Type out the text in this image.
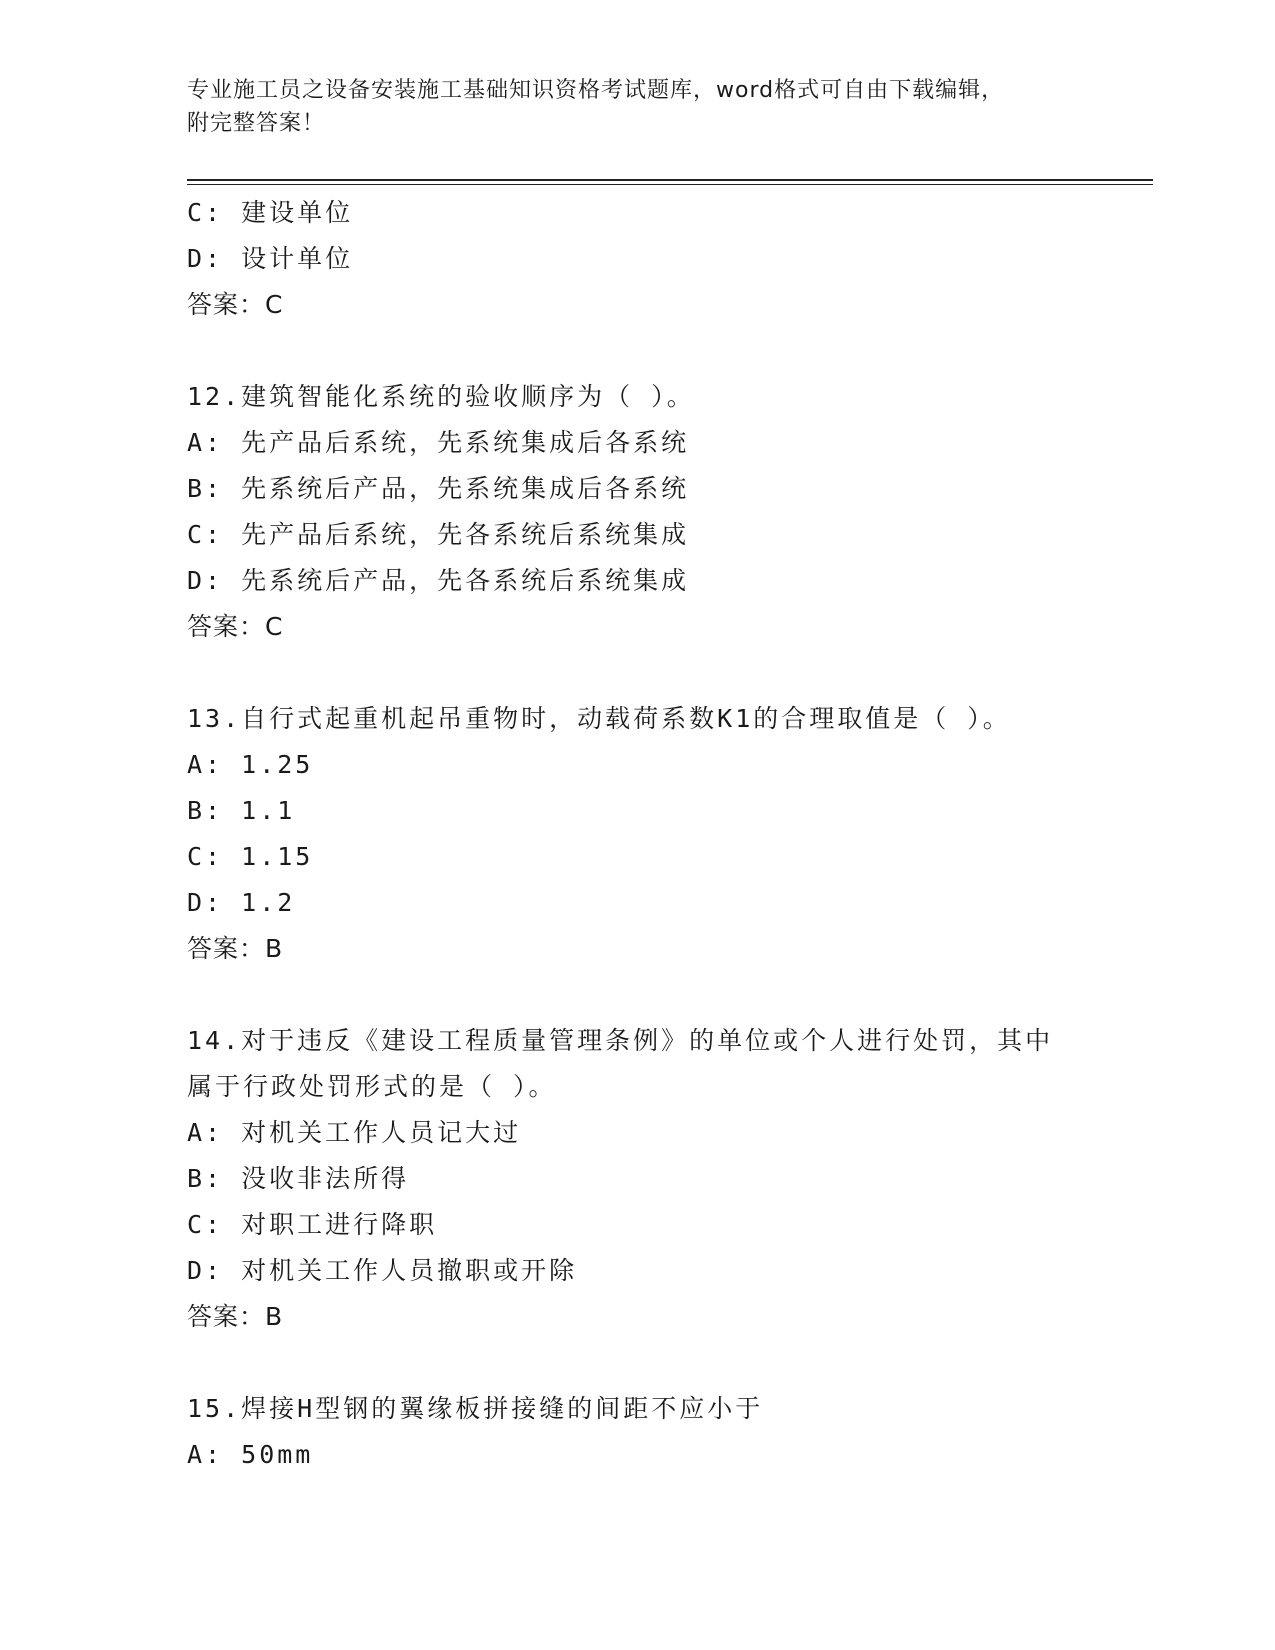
专业施工员之设备安装施工基础知识资格考试题库，word格式可自由下载编辑，
附完整答案！
C: 建设单位
D: 设计单位
答案：C
12.建筑智能化系统的验收顺序为（ ）。
A: 先产品后系统，先系统集成后各系统
B: 先系统后产品，先系统集成后各系统
C: 先产品后系统，先各系统后系统集成
D: 先系统后产品，先各系统后系统集成
答案：C
13.自行式起重机起吊重物时，动载荷系数K1的合理取值是（ ）。
A: 1.25
B: 1.1
C: 1.15
D: 1.2
答案：B
14.对于违反《建设工程质量管理条例》的单位或个人进行处罚，其中
属于行政处罚形式的是（ ）。
A: 对机关工作人员记大过
B: 没收非法所得
C: 对职工进行降职
D: 对机关工作人员撤职或开除
答案：B
15.焊接H型钢的翼缘板拼接缝的间距不应小于
A: 50mm
